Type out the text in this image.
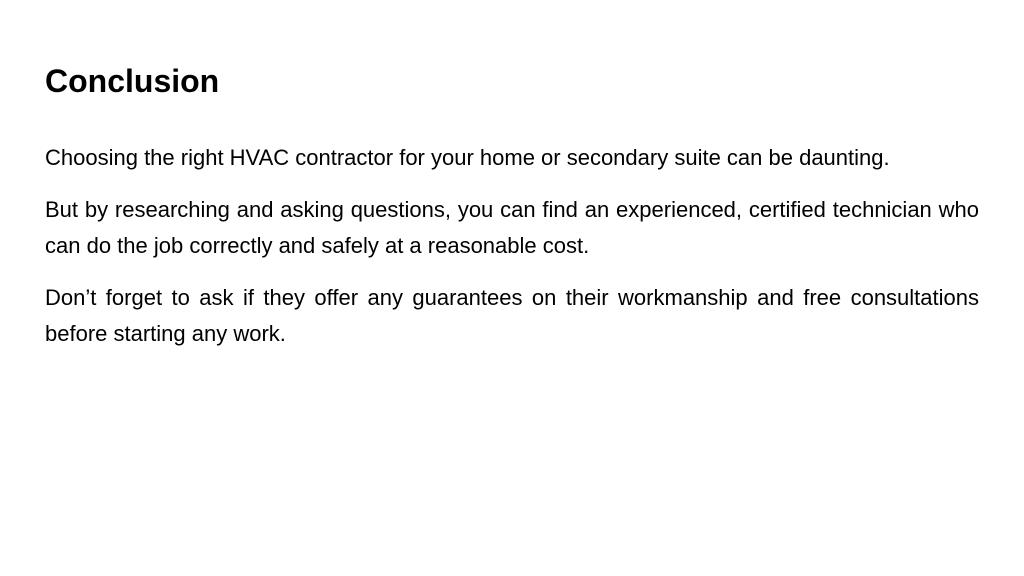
Conclusion

Choosing the right HVAC contractor for your home or secondary suite can be daunting.

But by researching and asking questions, you can find an experienced, certified technician who can do the job correctly and safely at a reasonable cost.

Don’t forget to ask if they offer any guarantees on their workmanship and free consultations before starting any work.
